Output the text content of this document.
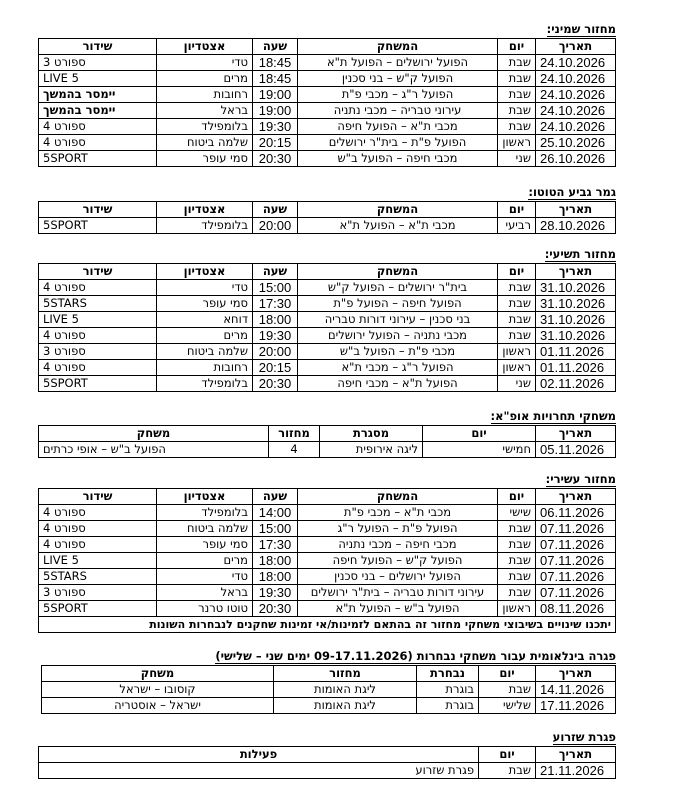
מחזור שמיני:
תאריך	יום	המשחק	שעה	אצטדיון	שידור
24.10.2026	שבת	הפועל ירושלים – הפועל ת"א	18:45	טדי	ספורט 3
24.10.2026	שבת	הפועל ק"ש – בני סכנין	18:45	מרים	5 LIVE
24.10.2026	שבת	הפועל ר"ג – מכבי פ"ת	19:00	רחובות	יימסר בהמשך
24.10.2026	שבת	עירוני טבריה – מכבי נתניה	19:00	בראל	יימסר בהמשך
24.10.2026	שבת	מכבי ת"א – הפועל חיפה	19:30	בלומפילד	ספורט 4
25.10.2026	ראשון	הפועל פ"ת – בית"ר ירושלים	20:15	שלמה ביטוח	ספורט 4
26.10.2026	שני	מכבי חיפה – הפועל ב"ש	20:30	סמי עופר	5SPORT
גמר גביע הטוטו:
תאריך	יום	המשחק	שעה	אצטדיון	שידור
28.10.2026	רביעי	מכבי ת"א – הפועל ת"א	20:00	בלומפילד	5SPORT
מחזור תשיעי:
תאריך	יום	המשחק	שעה	אצטדיון	שידור
31.10.2026	שבת	בית"ר ירושלים – הפועל ק"ש	15:00	טדי	ספורט 4
31.10.2026	שבת	הפועל חיפה – הפועל פ"ת	17:30	סמי עופר	5STARS
31.10.2026	שבת	בני סכנין – עירוני דורות טבריה	18:00	דוחא	5 LIVE
31.10.2026	שבת	מכבי נתניה – הפועל ירושלים	19:30	מרים	ספורט 4
01.11.2026	ראשון	מכבי פ"ת – הפועל ב"ש	20:00	שלמה ביטוח	ספורט 3
01.11.2026	ראשון	הפועל ר"ג – מכבי ת"א	20:15	רחובות	ספורט 4
02.11.2026	שני	הפועל ת"א – מכבי חיפה	20:30	בלומפילד	5SPORT
משחקי תחרויות אופ"א:
תאריך	יום	מסגרת	מחזור	משחק
05.11.2026	חמישי	ליגה אירופית	4	הפועל ב"ש – אופי כרתים
מחזור עשירי:
תאריך	יום	המשחק	שעה	אצטדיון	שידור
06.11.2026	שישי	מכבי ת"א – מכבי פ"ת	14:00	בלומפילד	ספורט 4
07.11.2026	שבת	הפועל פ"ת – הפועל ר"ג	15:00	שלמה ביטוח	ספורט 4
07.11.2026	שבת	מכבי חיפה – מכבי נתניה	17:30	סמי עופר	ספורט 4
07.11.2026	שבת	הפועל ק"ש – הפועל חיפה	18:00	מרים	5 LIVE
07.11.2026	שבת	הפועל ירושלים – בני סכנין	18:00	טדי	5STARS
07.11.2026	שבת	עירוני דורות טבריה – בית"ר ירושלים	19:30	בראל	ספורט 3
08.11.2026	ראשון	הפועל ב"ש – הפועל ת"א	20:30	טוטו טרנר	5SPORT
יתכנו שינויים בשיבוצי משחקי מחזור זה בהתאם לזמינות/אי זמינות שחקנים לנבחרות השונות					
פגרה בינלאומית עבור משחקי נבחרות (09-17.11.2026 ימים שני – שלישי)
תאריך	יום	נבחרת	מחזור	משחק
14.11.2026	שבת	בוגרת	ליגת האומות	קוסובו – ישראל
17.11.2026	שלישי	בוגרת	ליגת האומות	ישראל – אוסטריה
פגרת שזרוע
תאריך	יום	פעילות
21.11.2026	שבת	פגרת שזרוע
